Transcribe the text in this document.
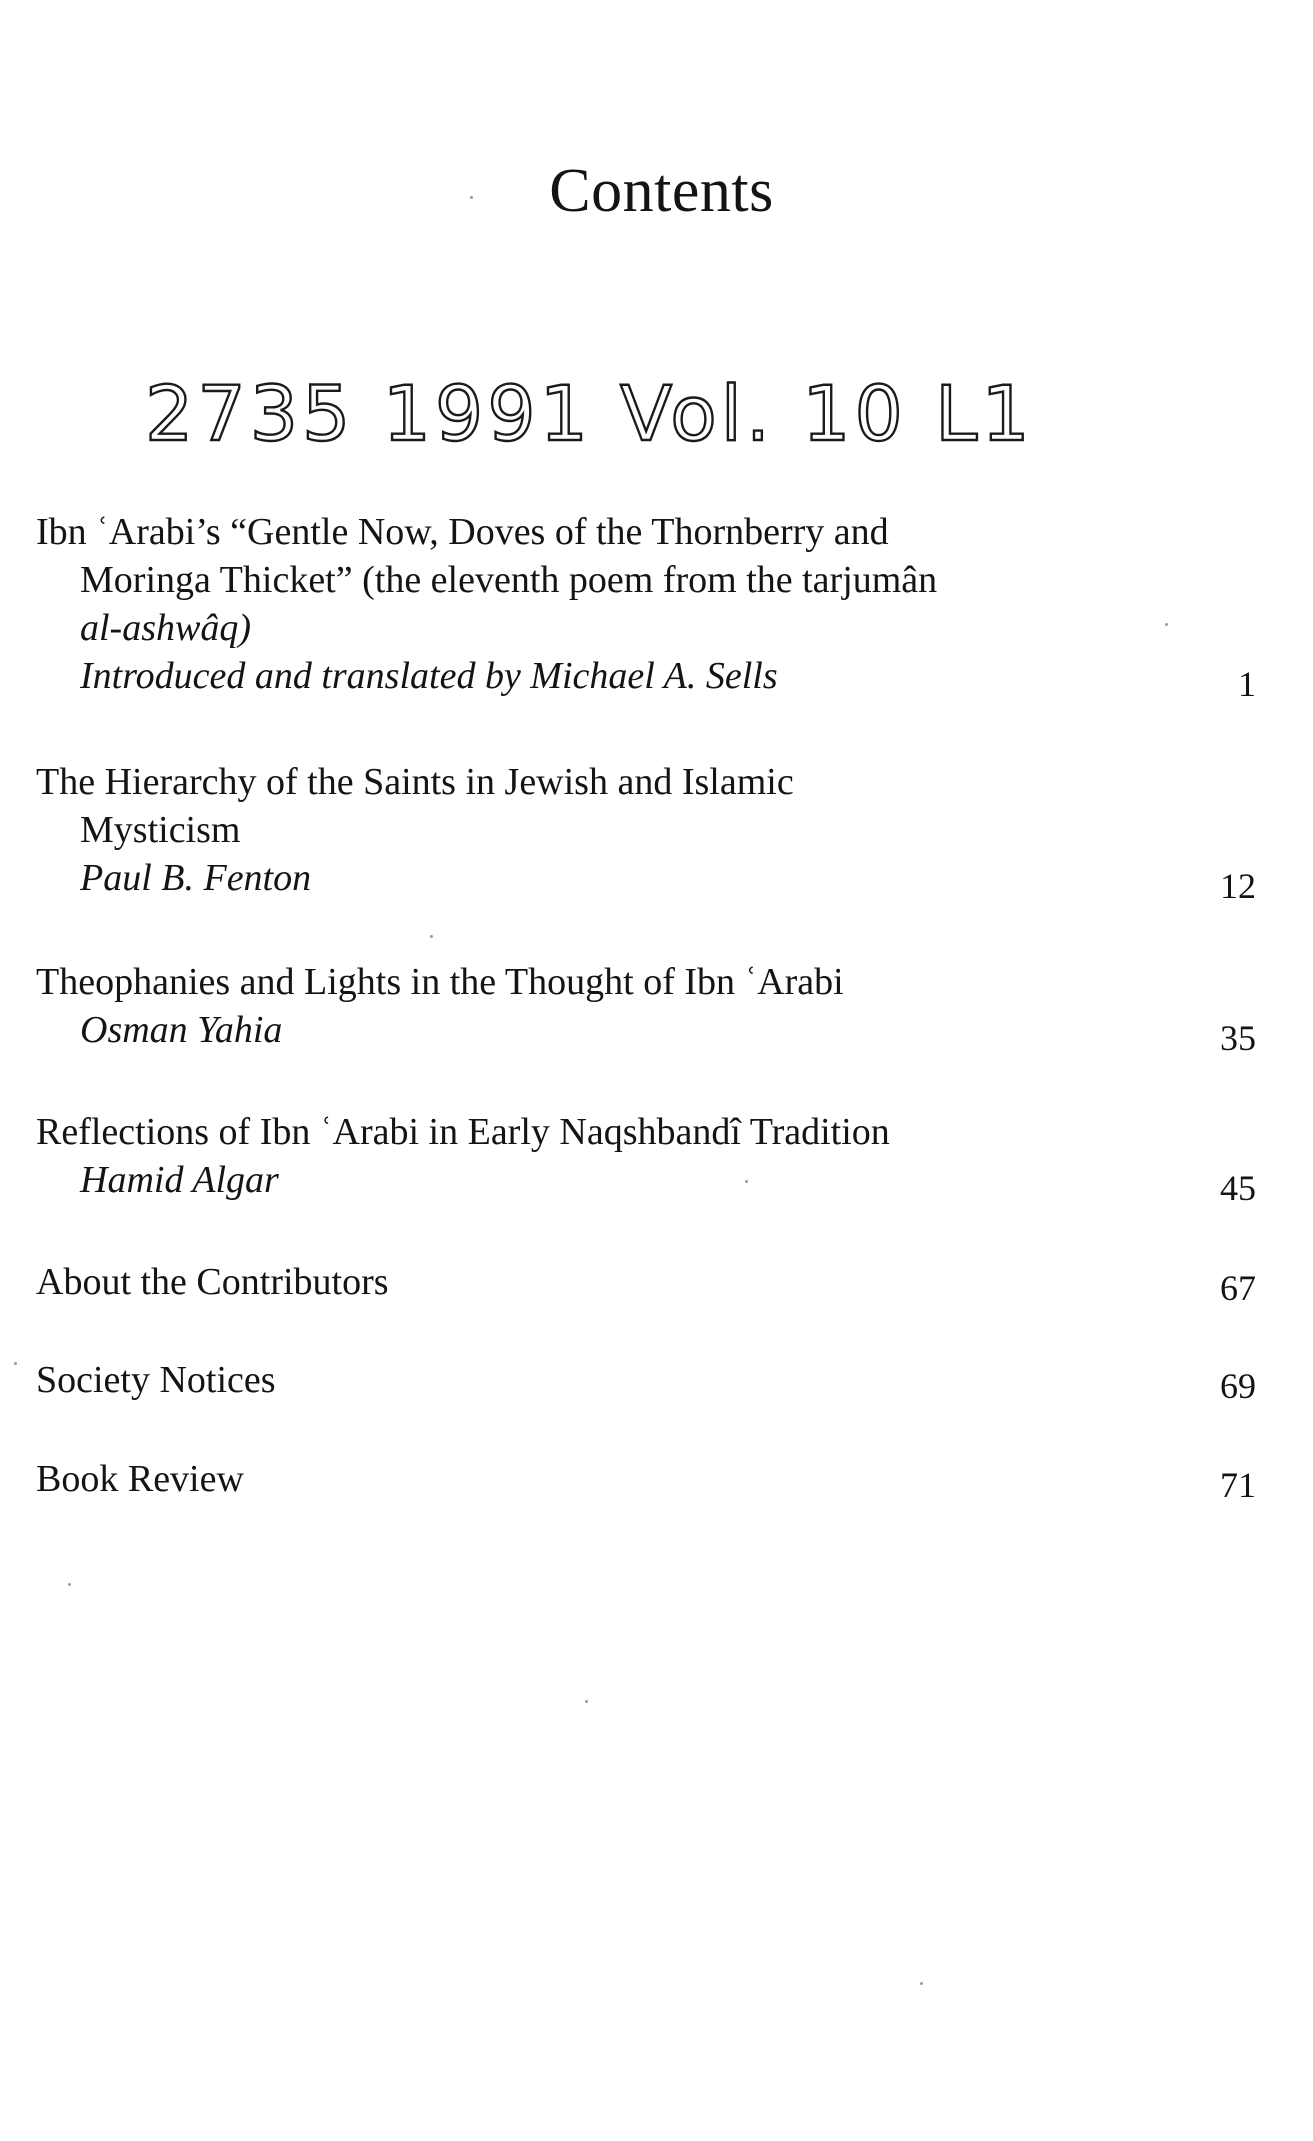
Contents
2735 1991 Vol. 10 L1
Ibn ʿArabi’s “Gentle Now, Doves of the Thornberry and
Moringa Thicket” (the eleventh poem from the tarjumân
al-ashwâq)
Introduced and translated by Michael A. Sells	1
The Hierarchy of the Saints in Jewish and Islamic
Mysticism
Paul B. Fenton	12
Theophanies and Lights in the Thought of Ibn ʿArabi
Osman Yahia	35
Reflections of Ibn ʿArabi in Early Naqshbandî Tradition
Hamid Algar	45
About the Contributors	67
Society Notices	69
Book Review	71
